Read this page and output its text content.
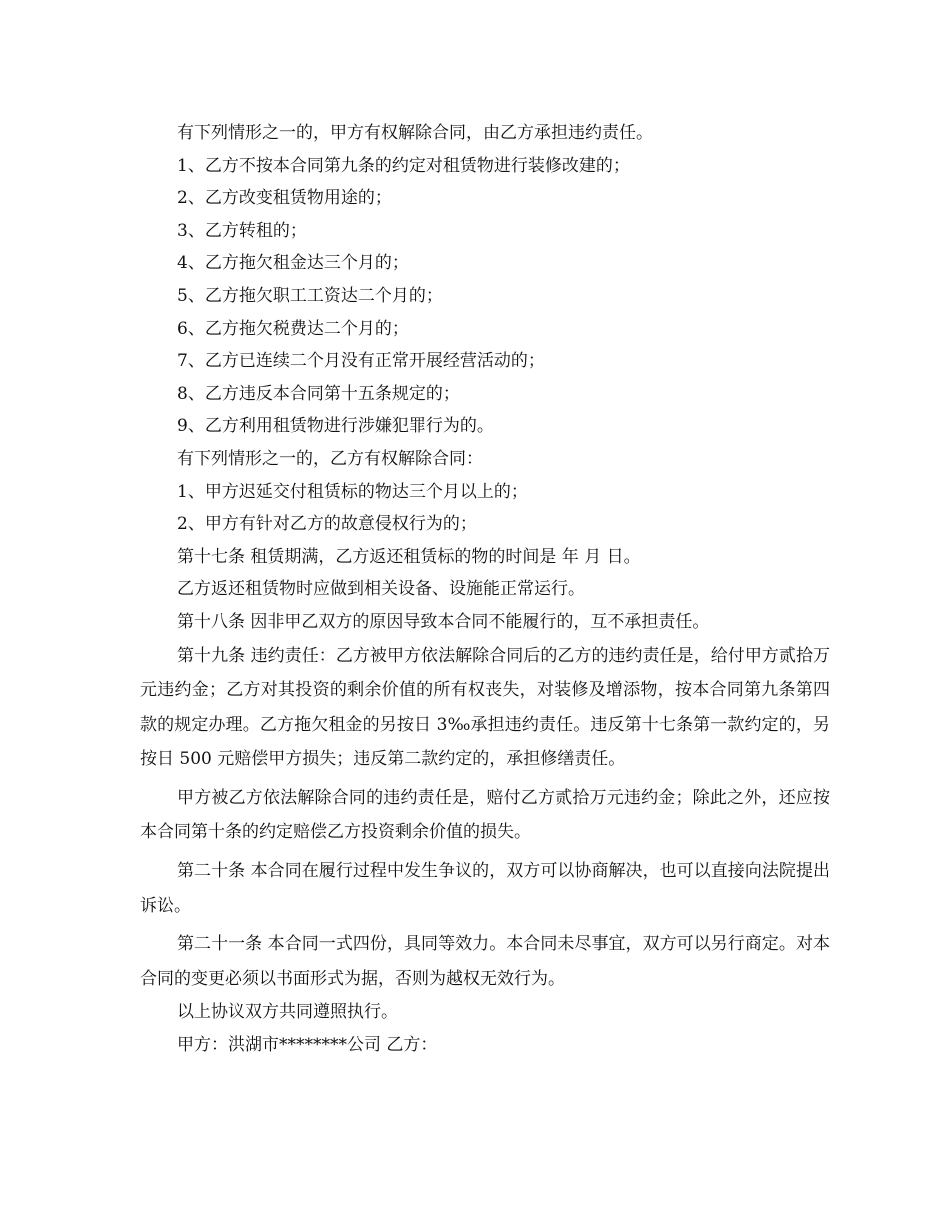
有下列情形之一的，甲方有权解除合同，由乙方承担违约责任。

1、乙方不按本合同第九条的约定对租赁物进行装修改建的；

2、乙方改变租赁物用途的；

3、乙方转租的；

4、乙方拖欠租金达三个月的；

5、乙方拖欠职工工资达二个月的；

6、乙方拖欠税费达二个月的；

7、乙方已连续二个月没有正常开展经营活动的；

8、乙方违反本合同第十五条规定的；

9、乙方利用租赁物进行涉嫌犯罪行为的。

有下列情形之一的，乙方有权解除合同：

1、甲方迟延交付租赁标的物达三个月以上的；

2、甲方有针对乙方的故意侵权行为的；

第十七条 租赁期满，乙方返还租赁标的物的时间是 年 月 日。

乙方返还租赁物时应做到相关设备、设施能正常运行。

第十八条 因非甲乙双方的原因导致本合同不能履行的，互不承担责任。

第十九条 违约责任：乙方被甲方依法解除合同后的乙方的违约责任是，给付甲方贰拾万元违约金；乙方对其投资的剩余价值的所有权丧失，对装修及增添物，按本合同第九条第四款的规定办理。乙方拖欠租金的另按日 3‰承担违约责任。违反第十七条第一款约定的，另按日 500 元赔偿甲方损失；违反第二款约定的，承担修缮责任。

甲方被乙方依法解除合同的违约责任是，赔付乙方贰拾万元违约金；除此之外，还应按本合同第十条的约定赔偿乙方投资剩余价值的损失。

第二十条 本合同在履行过程中发生争议的，双方可以协商解决，也可以直接向法院提出诉讼。

第二十一条 本合同一式四份，具同等效力。本合同未尽事宜，双方可以另行商定。对本合同的变更必须以书面形式为据，否则为越权无效行为。

以上协议双方共同遵照执行。

甲方：洪湖市********公司 乙方：
